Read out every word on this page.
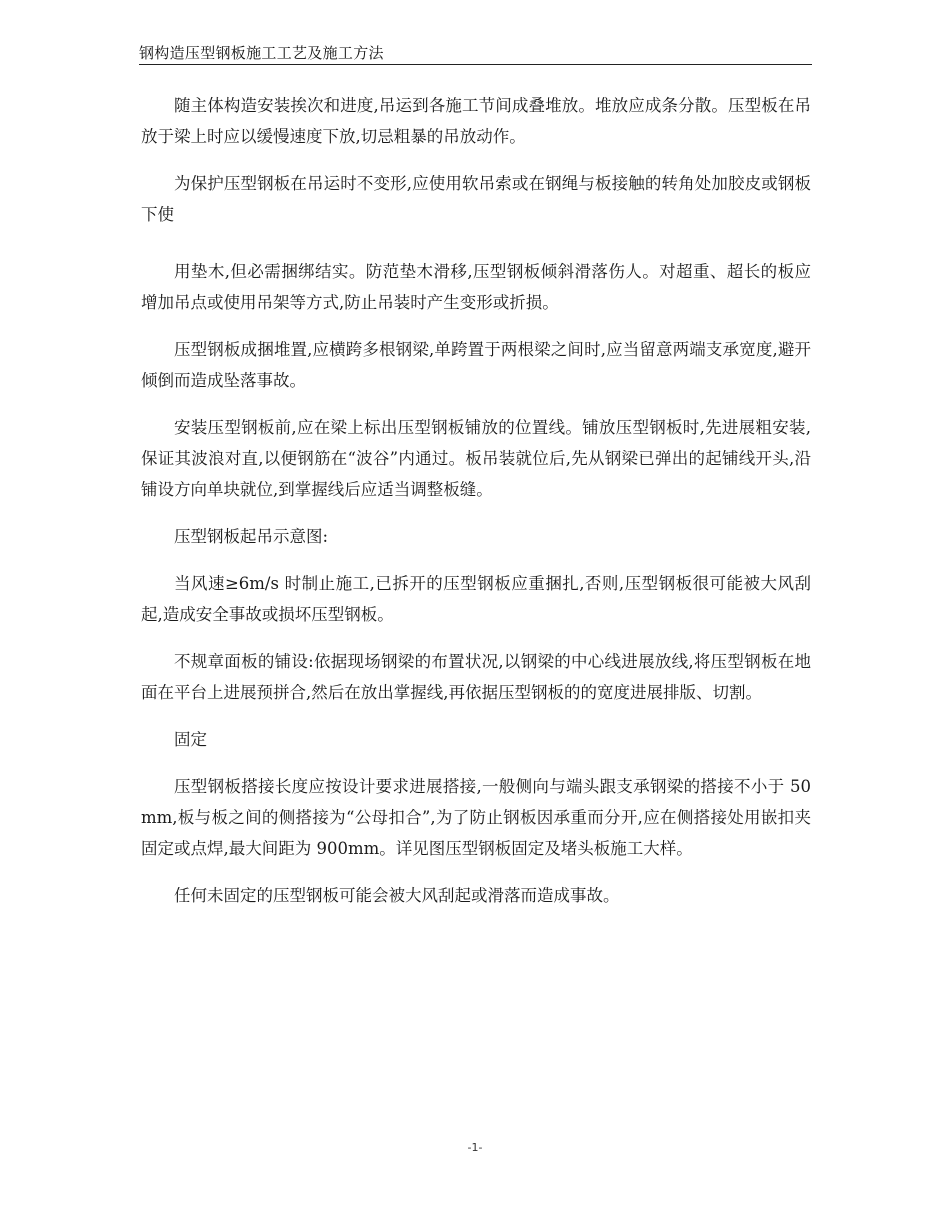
钢构造压型钢板施工工艺及施工方法

随主体构造安装挨次和进度,吊运到各施工节间成叠堆放。堆放应成条分散。压型板在吊放于梁上时应以缓慢速度下放,切忌粗暴的吊放动作。

为保护压型钢板在吊运时不变形,应使用软吊索或在钢绳与板接触的转角处加胶皮或钢板下使

用垫木,但必需捆绑结实。防范垫木滑移,压型钢板倾斜滑落伤人。对超重、超长的板应增加吊点或使用吊架等方式,防止吊装时产生变形或折损。

压型钢板成捆堆置,应横跨多根钢梁,单跨置于两根梁之间时,应当留意两端支承宽度,避开倾倒而造成坠落事故。

安装压型钢板前,应在梁上标出压型钢板铺放的位置线。铺放压型钢板时,先进展粗安装,保证其波浪对直,以便钢筋在“波谷”内通过。板吊装就位后,先从钢梁已弹出的起铺线开头,沿铺设方向单块就位,到掌握线后应适当调整板缝。

压型钢板起吊示意图:

当风速≥6m/s 时制止施工,已拆开的压型钢板应重捆扎,否则,压型钢板很可能被大风刮起,造成安全事故或损坏压型钢板。

不规章面板的铺设:依据现场钢梁的布置状况,以钢梁的中心线进展放线,将压型钢板在地面在平台上进展预拼合,然后在放出掌握线,再依据压型钢板的的宽度进展排版、切割。

固定

压型钢板搭接长度应按设计要求进展搭接,一般侧向与端头跟支承钢梁的搭接不小于 50mm,板与板之间的侧搭接为“公母扣合”,为了防止钢板因承重而分开,应在侧搭接处用嵌扣夹固定或点焊,最大间距为 900mm。详见图压型钢板固定及堵头板施工大样。

任何未固定的压型钢板可能会被大风刮起或滑落而造成事故。

-1-
